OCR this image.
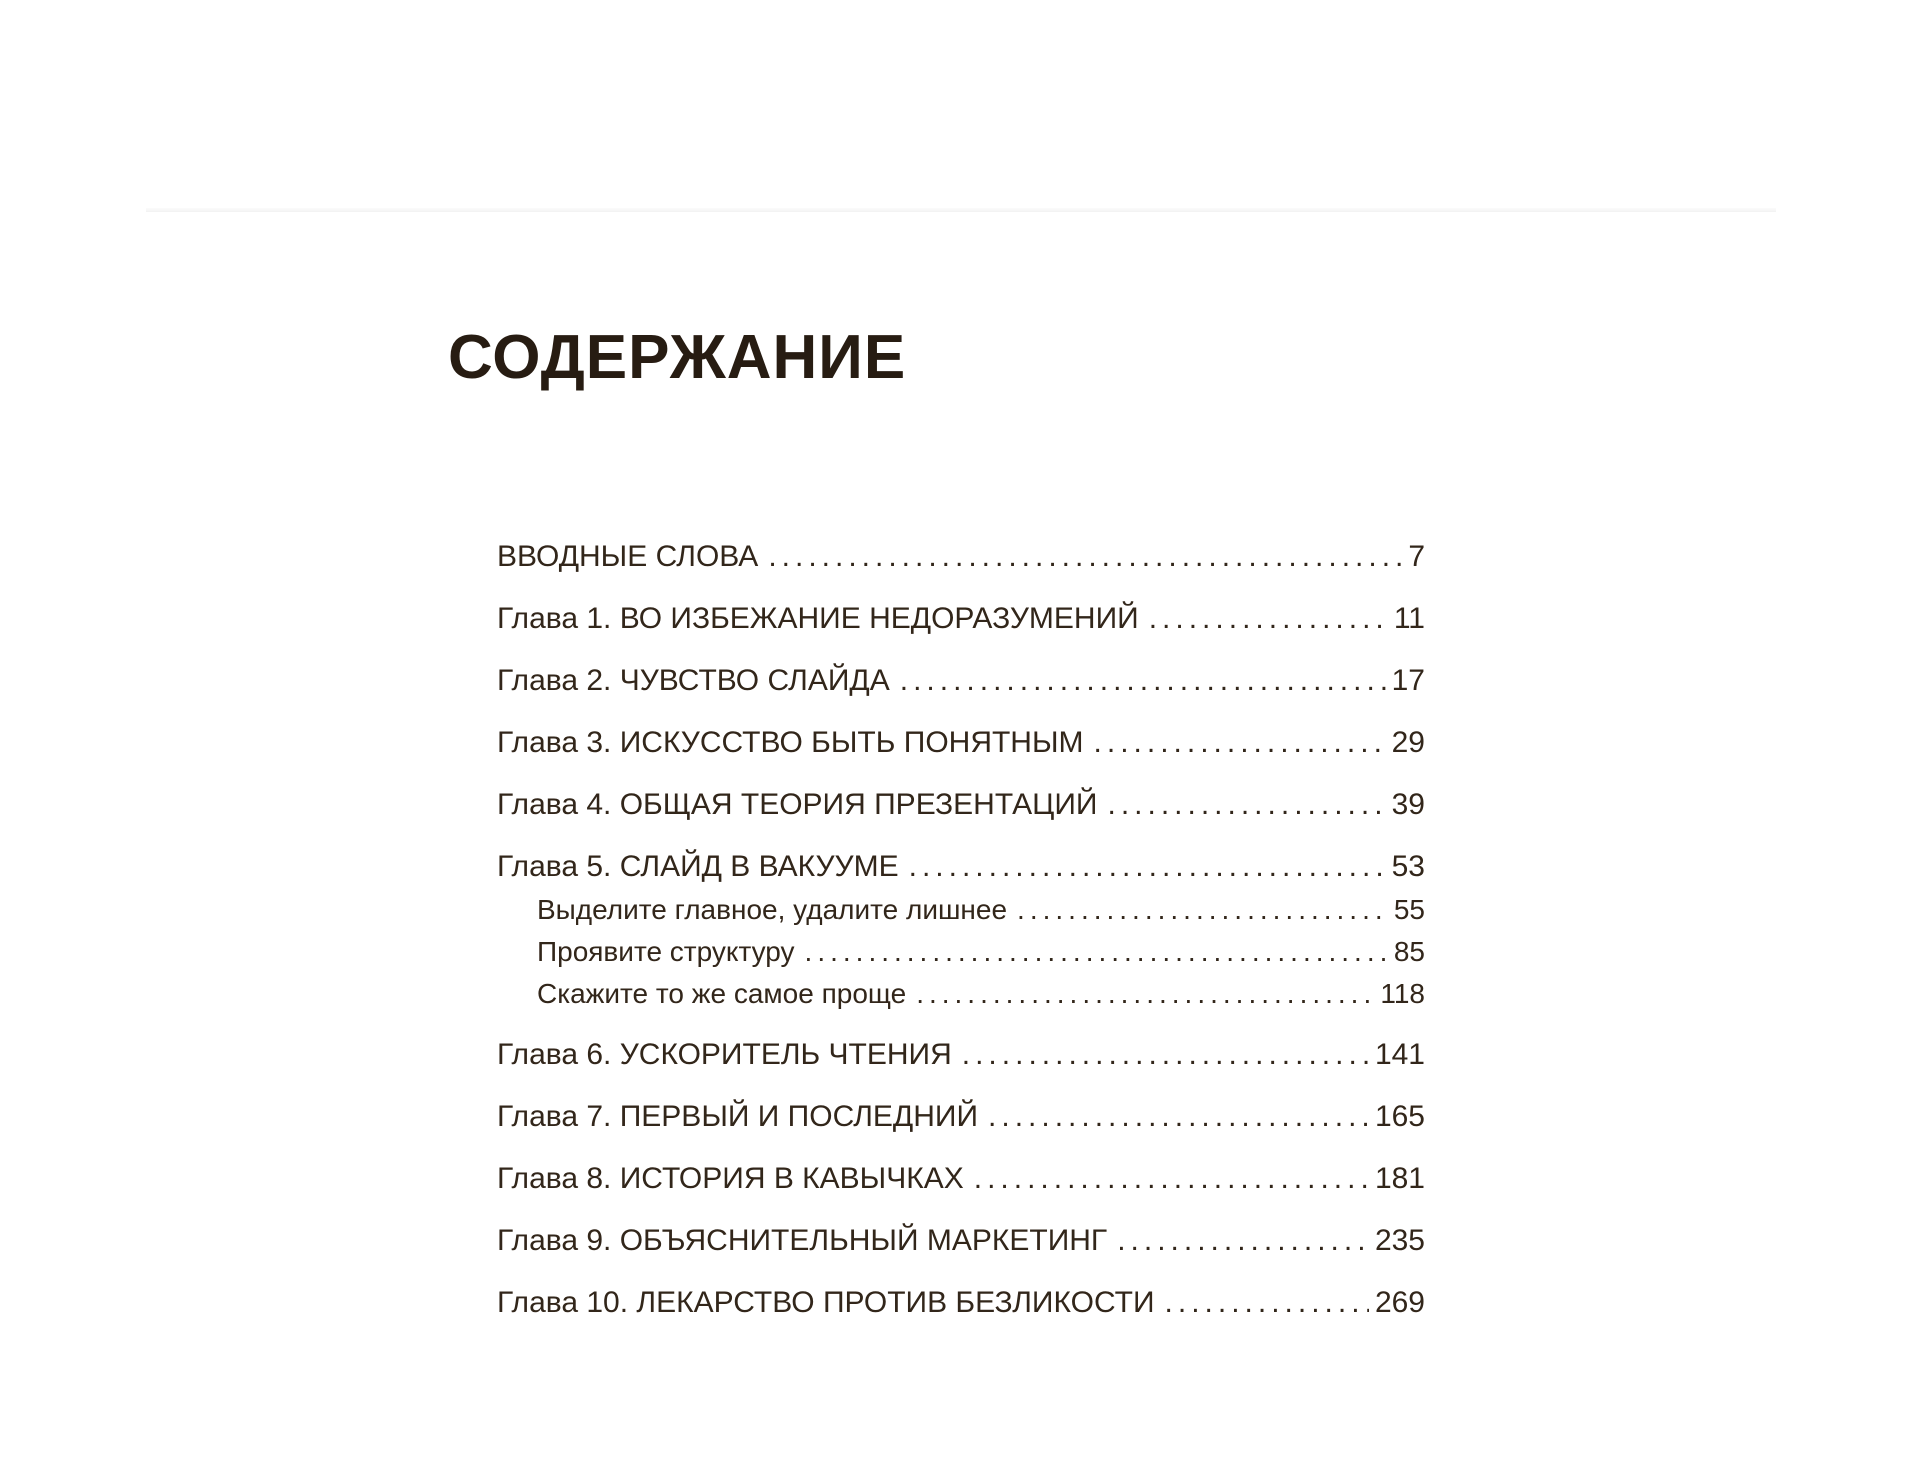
СОДЕРЖАНИЕ
ВВОДНЫЕ СЛОВА .....	7
Глава 1. ВО ИЗБЕЖАНИЕ НЕДОРАЗУМЕНИЙ .....	11
Глава 2. ЧУВСТВО СЛАЙДА .....	17
Глава 3. ИСКУССТВО БЫТЬ ПОНЯТНЫМ .....	29
Глава 4. ОБЩАЯ ТЕОРИЯ ПРЕЗЕНТАЦИЙ .....	39
Глава 5. СЛАЙД В ВАКУУМЕ .....	53
Выделите главное, удалите лишнее .....	55
Проявите структуру .....	85
Скажите то же самое проще .....	118
Глава 6. УСКОРИТЕЛЬ ЧТЕНИЯ .....	141
Глава 7. ПЕРВЫЙ И ПОСЛЕДНИЙ .....	165
Глава 8. ИСТОРИЯ В КАВЫЧКАХ .....	181
Глава 9. ОБЪЯСНИТЕЛЬНЫЙ МАРКЕТИНГ .....	235
Глава 10. ЛЕКАРСТВО ПРОТИВ БЕЗЛИКОСТИ .....	269
